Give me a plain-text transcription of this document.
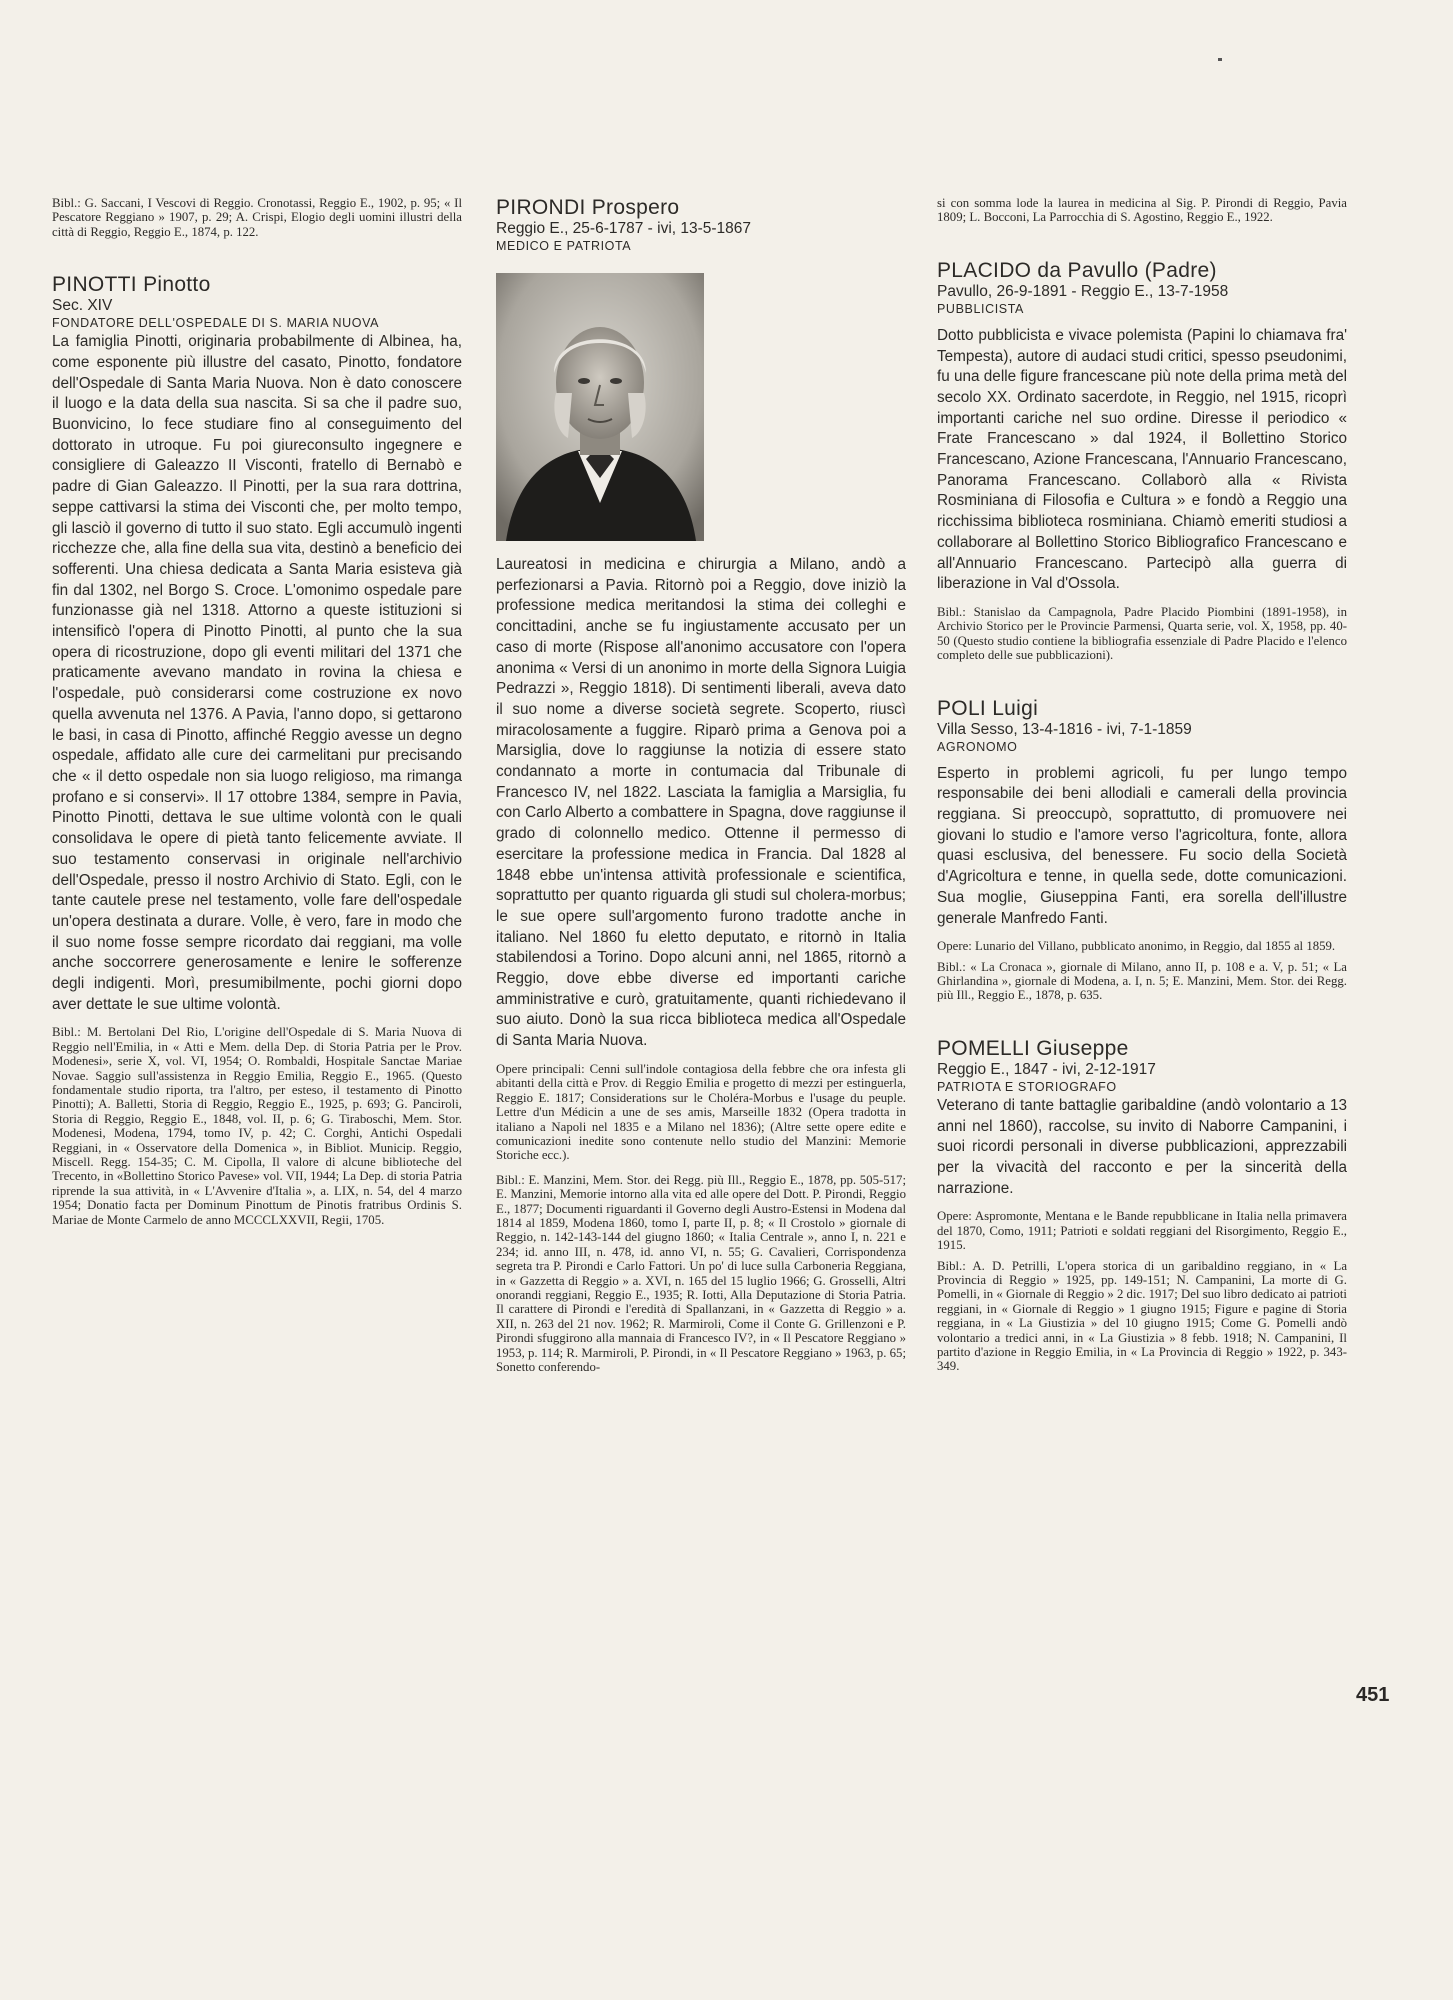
Bibl.: G. Saccani, I Vescovi di Reggio. Cronotassi, Reggio E., 1902, p. 95; « Il Pescatore Reggiano » 1907, p. 29; A. Crispi, Elogio degli uomini illustri della città di Reggio, Reggio E., 1874, p. 122.

PINOTTI Pinotto

Sec. XIV

FONDATORE DELL'OSPEDALE DI S. MARIA NUOVA

La famiglia Pinotti, originaria probabilmente di Albinea, ha, come esponente più illustre del casato, Pinotto, fondatore dell'Ospedale di Santa Maria Nuova. Non è dato conoscere il luogo e la data della sua nascita. Si sa che il padre suo, Buonvicino, lo fece studiare fino al conseguimento del dottorato in utroque. Fu poi giureconsulto ingegnere e consigliere di Galeazzo II Visconti, fratello di Bernabò e padre di Gian Galeazzo. Il Pinotti, per la sua rara dottrina, seppe cattivarsi la stima dei Visconti che, per molto tempo, gli lasciò il governo di tutto il suo stato. Egli accumulò ingenti ricchezze che, alla fine della sua vita, destinò a beneficio dei sofferenti. Una chiesa dedicata a Santa Maria esisteva già fin dal 1302, nel Borgo S. Croce. L'omonimo ospedale pare funzionasse già nel 1318. Attorno a queste istituzioni si intensificò l'opera di Pinotto Pinotti, al punto che la sua opera di ricostruzione, dopo gli eventi militari del 1371 che praticamente avevano mandato in rovina la chiesa e l'ospedale, può considerarsi come costruzione ex novo quella avvenuta nel 1376. A Pavia, l'anno dopo, si gettarono le basi, in casa di Pinotto, affinché Reggio avesse un degno ospedale, affidato alle cure dei carmelitani pur precisando che « il detto ospedale non sia luogo religioso, ma rimanga profano e si conservi». Il 17 ottobre 1384, sempre in Pavia, Pinotto Pinotti, dettava le sue ultime volontà con le quali consolidava le opere di pietà tanto felicemente avviate. Il suo testamento conservasi in originale nell'archivio dell'Ospedale, presso il nostro Archivio di Stato. Egli, con le tante cautele prese nel testamento, volle fare dell'ospedale un'opera destinata a durare. Volle, è vero, fare in modo che il suo nome fosse sempre ricordato dai reggiani, ma volle anche soccorrere generosamente e lenire le sofferenze degli indigenti. Morì, presumibilmente, pochi giorni dopo aver dettate le sue ultime volontà.

Bibl.: M. Bertolani Del Rio, L'origine dell'Ospedale di S. Maria Nuova di Reggio nell'Emilia, in « Atti e Mem. della Dep. di Storia Patria per le Prov. Modenesi», serie X, vol. VI, 1954; O. Rombaldi, Hospitale Sanctae Mariae Novae. Saggio sull'assistenza in Reggio Emilia, Reggio E., 1965. (Questo fondamentale studio riporta, tra l'altro, per esteso, il testamento di Pinotto Pinotti); A. Balletti, Storia di Reggio, Reggio E., 1925, p. 693; G. Panciroli, Storia di Reggio, Reggio E., 1848, vol. II, p. 6; G. Tiraboschi, Mem. Stor. Modenesi, Modena, 1794, tomo IV, p. 42; C. Corghi, Antichi Ospedali Reggiani, in « Osservatore della Domenica », in Bibliot. Municip. Reggio, Miscell. Regg. 154-35; C. M. Cipolla, Il valore di alcune biblioteche del Trecento, in «Bollettino Storico Pavese» vol. VII, 1944; La Dep. di storia Patria riprende la sua attività, in « L'Avvenire d'Italia », a. LIX, n. 54, del 4 marzo 1954; Donatio facta per Dominum Pinottum de Pinotis fratribus Ordinis S. Mariae de Monte Carmelo de anno MCCCLXXVII, Regii, 1705.

PIRONDI Prospero

Reggio E., 25-6-1787 - ivi, 13-5-1867

MEDICO E PATRIOTA

Laureatosi in medicina e chirurgia a Milano, andò a perfezionarsi a Pavia. Ritornò poi a Reggio, dove iniziò la professione medica meritandosi la stima dei colleghi e concittadini, anche se fu ingiustamente accusato per un caso di morte (Rispose all'anonimo accusatore con l'opera anonima « Versi di un anonimo in morte della Signora Luigia Pedrazzi », Reggio 1818). Di sentimenti liberali, aveva dato il suo nome a diverse società segrete. Scoperto, riuscì miracolosamente a fuggire. Riparò prima a Genova poi a Marsiglia, dove lo raggiunse la notizia di essere stato condannato a morte in contumacia dal Tribunale di Francesco IV, nel 1822. Lasciata la famiglia a Marsiglia, fu con Carlo Alberto a combattere in Spagna, dove raggiunse il grado di colonnello medico. Ottenne il permesso di esercitare la professione medica in Francia. Dal 1828 al 1848 ebbe un'intensa attività professionale e scientifica, soprattutto per quanto riguarda gli studi sul cholera-morbus; le sue opere sull'argomento furono tradotte anche in italiano. Nel 1860 fu eletto deputato, e ritornò in Italia stabilendosi a Torino. Dopo alcuni anni, nel 1865, ritornò a Reggio, dove ebbe diverse ed importanti cariche amministrative e curò, gratuitamente, quanti richiedevano il suo aiuto. Donò la sua ricca biblioteca medica all'Ospedale di Santa Maria Nuova.

Opere principali: Cenni sull'indole contagiosa della febbre che ora infesta gli abitanti della città e Prov. di Reggio Emilia e progetto di mezzi per estinguerla, Reggio E. 1817; Considerations sur le Choléra-Morbus e l'usage du peuple. Lettre d'un Médicin a une de ses amis, Marseille 1832 (Opera tradotta in italiano a Napoli nel 1835 e a Milano nel 1836); (Altre sette opere edite e comunicazioni inedite sono contenute nello studio del Manzini: Memorie Storiche ecc.).

Bibl.: E. Manzini, Mem. Stor. dei Regg. più Ill., Reggio E., 1878, pp. 505-517; E. Manzini, Memorie intorno alla vita ed alle opere del Dott. P. Pirondi, Reggio E., 1877; Documenti riguardanti il Governo degli Austro-Estensi in Modena dal 1814 al 1859, Modena 1860, tomo I, parte II, p. 8; « Il Crostolo » giornale di Reggio, n. 142-143-144 del giugno 1860; « Italia Centrale », anno I, n. 221 e 234; id. anno III, n. 478, id. anno VI, n. 55; G. Cavalieri, Corrispondenza segreta tra P. Pirondi e Carlo Fattori. Un po' di luce sulla Carboneria Reggiana, in « Gazzetta di Reggio » a. XVI, n. 165 del 15 luglio 1966; G. Grosselli, Altri onorandi reggiani, Reggio E., 1935; R. Iotti, Alla Deputazione di Storia Patria. Il carattere di Pirondi e l'eredità di Spallanzani, in « Gazzetta di Reggio » a. XII, n. 263 del 21 nov. 1962; R. Marmiroli, Come il Conte G. Grillenzoni e P. Pirondi sfuggirono alla mannaia di Francesco IV?, in « Il Pescatore Reggiano » 1953, p. 114; R. Marmiroli, P. Pirondi, in « Il Pescatore Reggiano » 1963, p. 65; Sonetto conferendo-

si con somma lode la laurea in medicina al Sig. P. Pirondi di Reggio, Pavia 1809; L. Bocconi, La Parrocchia di S. Agostino, Reggio E., 1922.

PLACIDO da Pavullo (Padre)

Pavullo, 26-9-1891 - Reggio E., 13-7-1958

PUBBLICISTA

Dotto pubblicista e vivace polemista (Papini lo chiamava fra' Tempesta), autore di audaci studi critici, spesso pseudonimi, fu una delle figure francescane più note della prima metà del secolo XX. Ordinato sacerdote, in Reggio, nel 1915, ricoprì importanti cariche nel suo ordine. Diresse il periodico « Frate Francescano » dal 1924, il Bollettino Storico Francescano, Azione Francescana, l'Annuario Francescano, Panorama Francescano. Collaborò alla « Rivista Rosminiana di Filosofia e Cultura » e fondò a Reggio una ricchissima biblioteca rosminiana. Chiamò emeriti studiosi a collaborare al Bollettino Storico Bibliografico Francescano e all'Annuario Francescano. Partecipò alla guerra di liberazione in Val d'Ossola.

Bibl.: Stanislao da Campagnola, Padre Placido Piombini (1891-1958), in Archivio Storico per le Provincie Parmensi, Quarta serie, vol. X, 1958, pp. 40-50 (Questo studio contiene la bibliografia essenziale di Padre Placido e l'elenco completo delle sue pubblicazioni).

POLI Luigi

Villa Sesso, 13-4-1816 - ivi, 7-1-1859

AGRONOMO

Esperto in problemi agricoli, fu per lungo tempo responsabile dei beni allodiali e camerali della provincia reggiana. Si preoccupò, soprattutto, di promuovere nei giovani lo studio e l'amore verso l'agricoltura, fonte, allora quasi esclusiva, del benessere. Fu socio della Società d'Agricoltura e tenne, in quella sede, dotte comunicazioni. Sua moglie, Giuseppina Fanti, era sorella dell'illustre generale Manfredo Fanti.

Opere: Lunario del Villano, pubblicato anonimo, in Reggio, dal 1855 al 1859.

Bibl.: « La Cronaca », giornale di Milano, anno II, p. 108 e a. V, p. 51; « La Ghirlandina », giornale di Modena, a. I, n. 5; E. Manzini, Mem. Stor. dei Regg. più Ill., Reggio E., 1878, p. 635.

POMELLI Giuseppe

Reggio E., 1847 - ivi, 2-12-1917

PATRIOTA E STORIOGRAFO

Veterano di tante battaglie garibaldine (andò volontario a 13 anni nel 1860), raccolse, su invito di Naborre Campanini, i suoi ricordi personali in diverse pubblicazioni, apprezzabili per la vivacità del racconto e per la sincerità della narrazione.

Opere: Aspromonte, Mentana e le Bande repubblicane in Italia nella primavera del 1870, Como, 1911; Patrioti e soldati reggiani del Risorgimento, Reggio E., 1915.

Bibl.: A. D. Petrilli, L'opera storica di un garibaldino reggiano, in « La Provincia di Reggio » 1925, pp. 149-151; N. Campanini, La morte di G. Pomelli, in « Giornale di Reggio » 2 dic. 1917; Del suo libro dedicato ai patrioti reggiani, in « Giornale di Reggio » 1 giugno 1915; Figure e pagine di Storia reggiana, in « La Giustizia » del 10 giugno 1915; Come G. Pomelli andò volontario a tredici anni, in « La Giustizia » 8 febb. 1918; N. Campanini, Il partito d'azione in Reggio Emilia, in « La Provincia di Reggio » 1922, p. 343-349.

451
